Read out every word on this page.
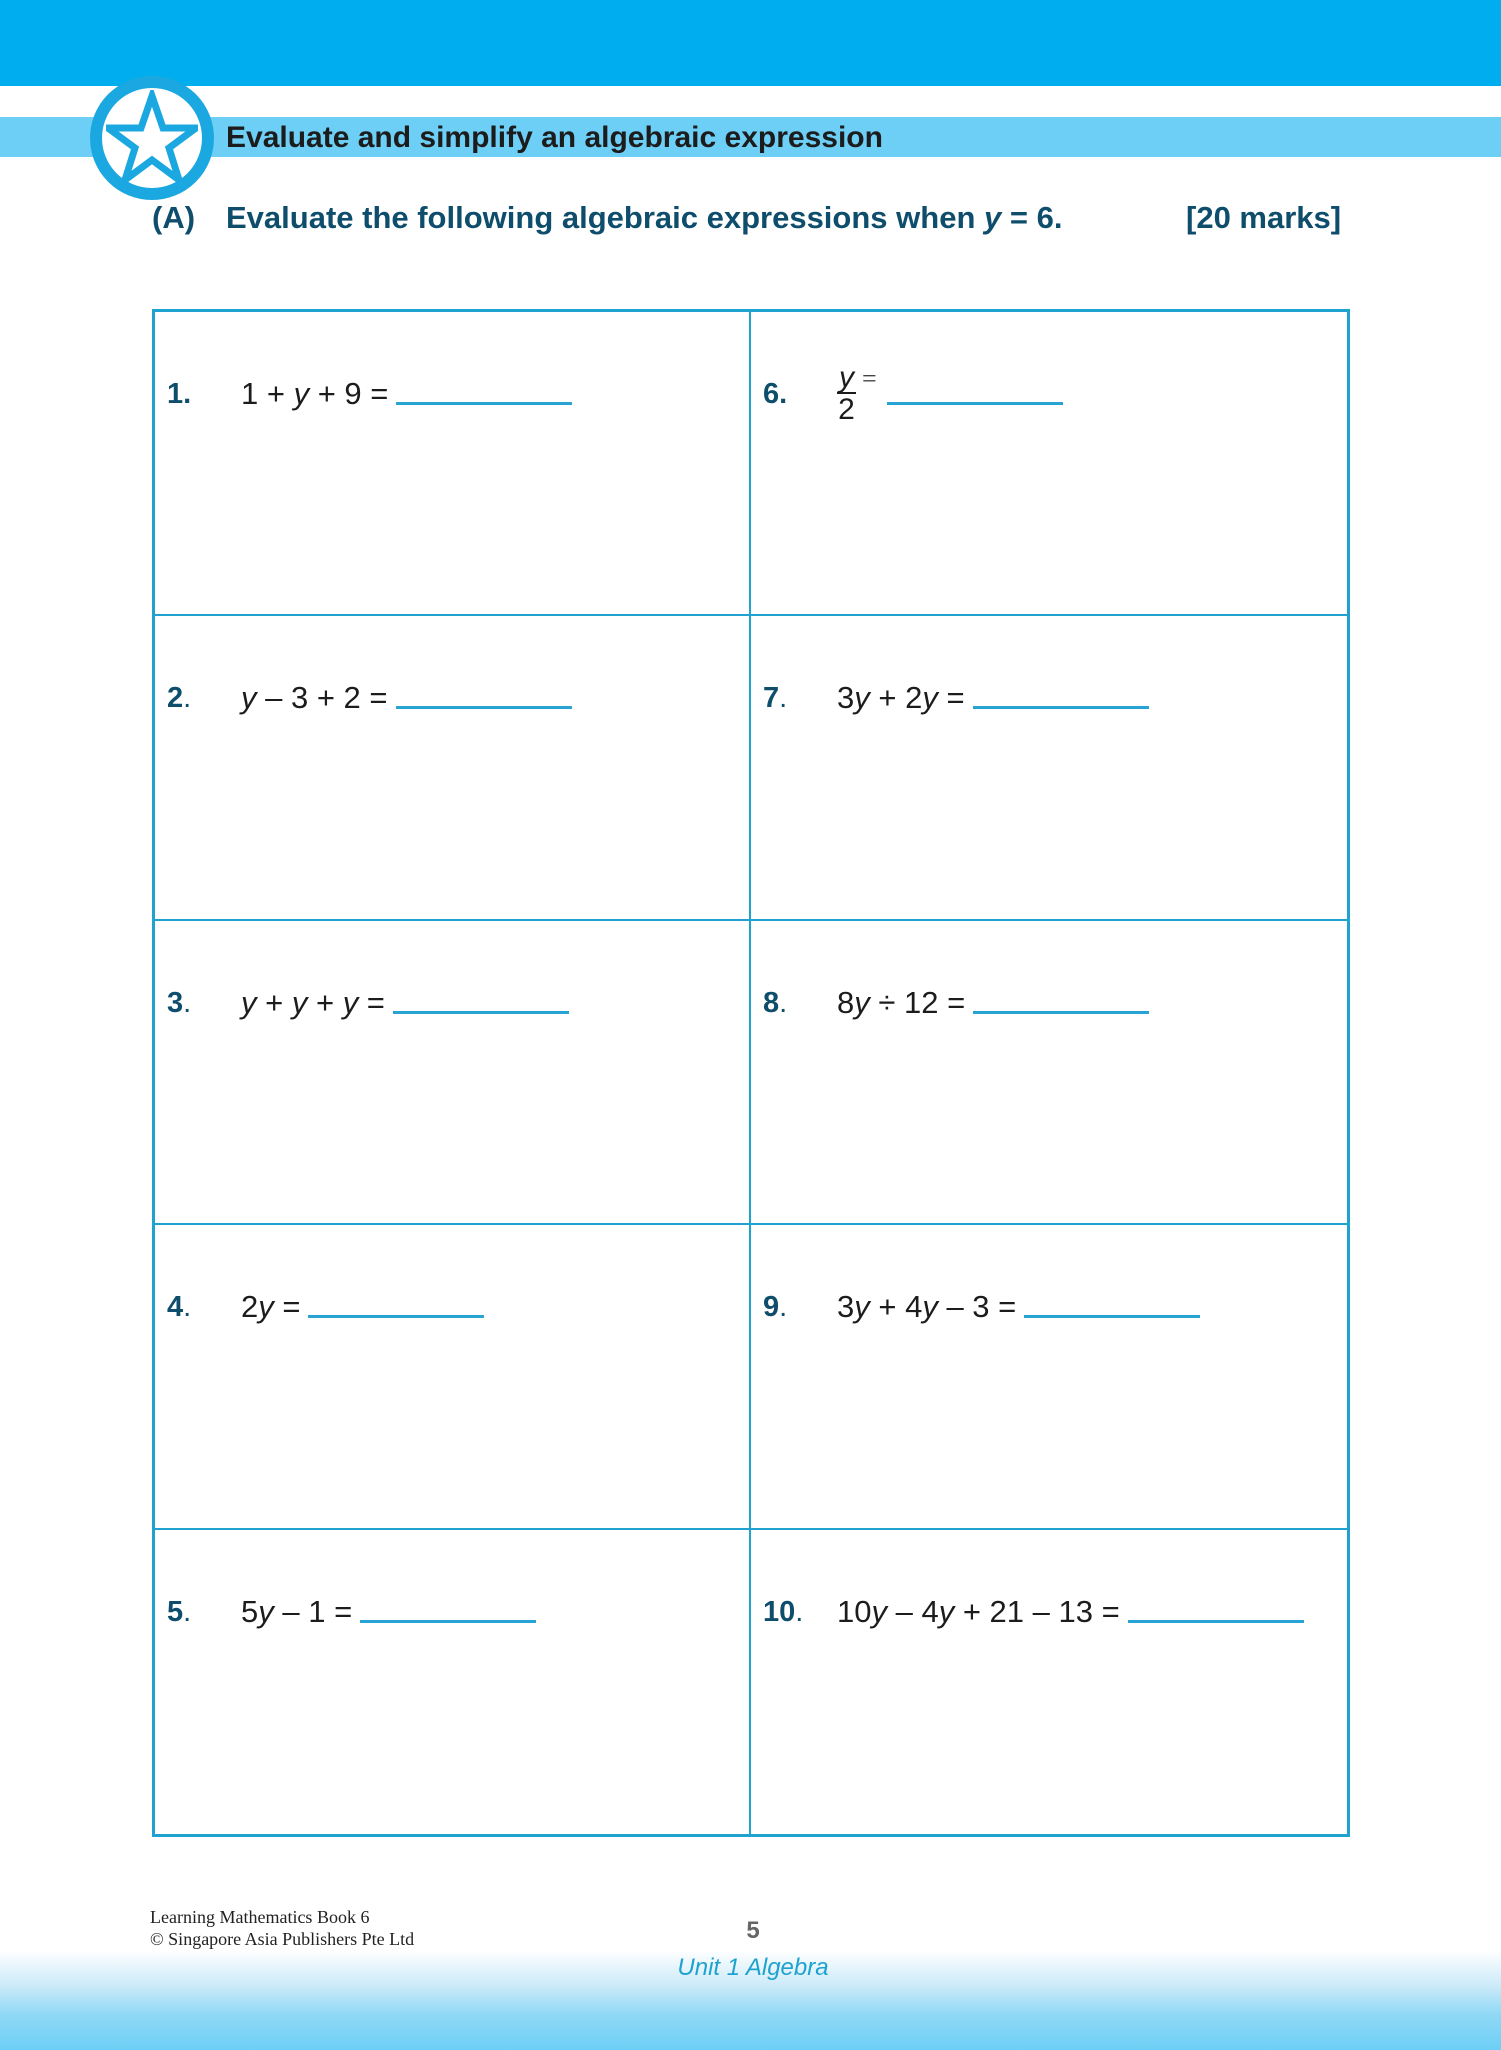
Evaluate and simplify an algebraic expression
(A) Evaluate the following algebraic expressions when y = 6.	[20 marks]
1.	1 + y + 9 =	6.	$\frac{y}{2}$ =
2.	y – 3 + 2 =	7.	3y + 2y =
3.	y + y + y =	8.	8y ÷ 12 =
4.	2y =	9.	3y + 4y – 3 =
5.	5y – 1 =	10.	10y – 4y + 21 – 13 =
Learning Mathematics Book 6
© Singapore Asia Publishers Pte Ltd	5
Unit 1 Algebra
